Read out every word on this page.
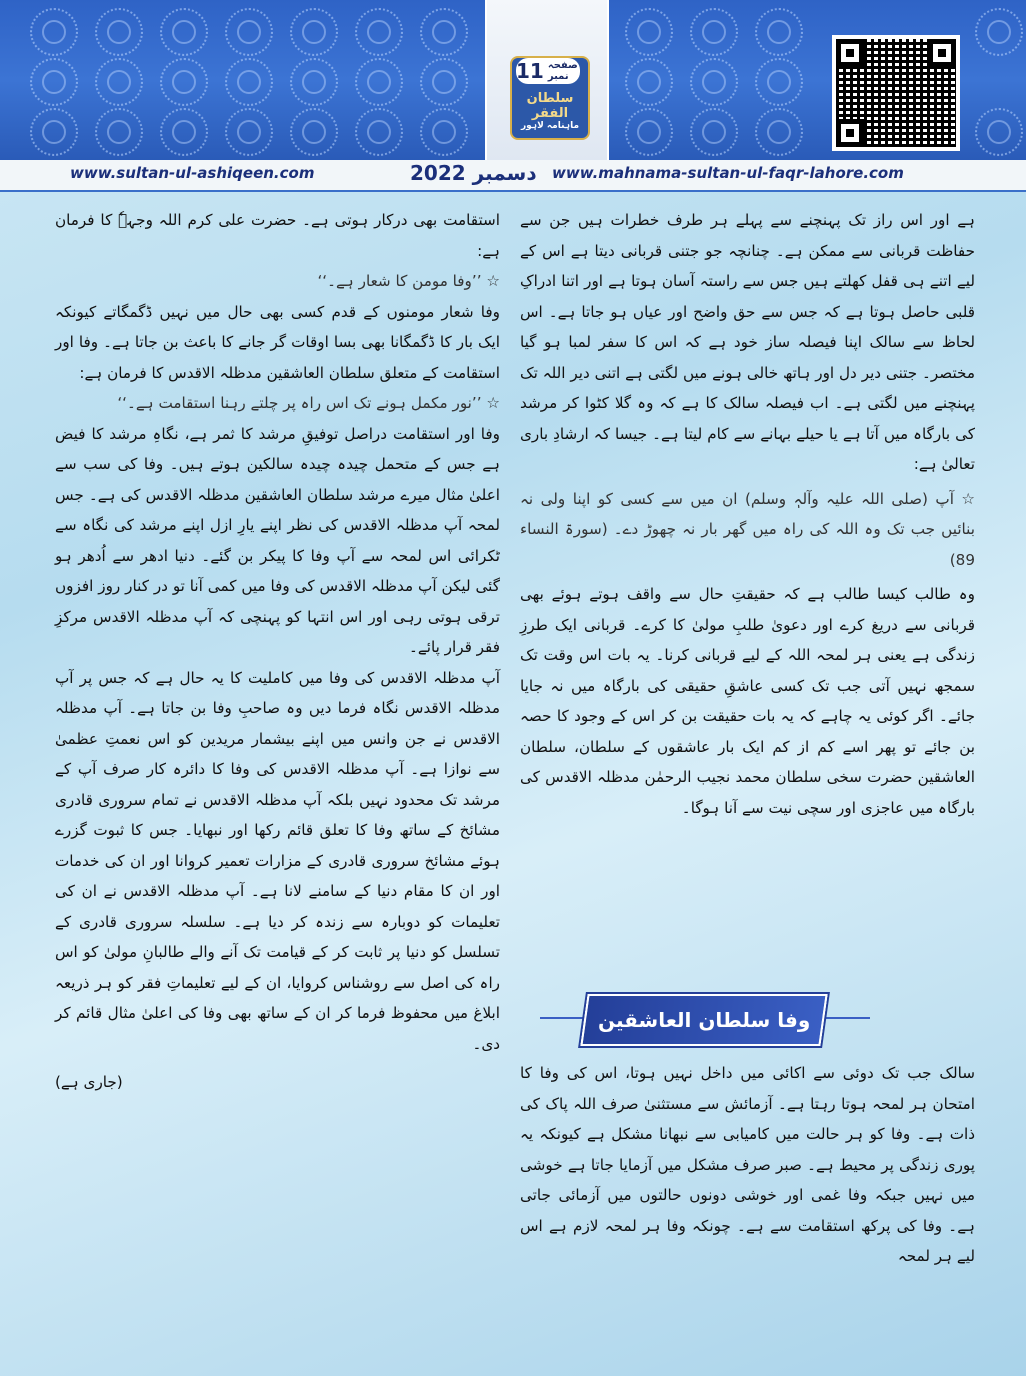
سلطان الفقر
ماہنامہ لاہور
11 صفحہ نمبر
www.sultan-ul-ashiqeen.com	www.mahnama-sultan-ul-faqr-lahore.com
دسمبر 2022

ہے اور اس راز تک پہنچنے سے پہلے ہر طرف خطرات ہیں جن سے حفاظت قربانی سے ممکن ہے۔ چنانچہ جو جتنی قربانی دیتا ہے اس کے لیے اتنے ہی قفل کھلتے ہیں جس سے راستہ آسان ہوتا ہے اور اتنا ادراکِ قلبی حاصل ہوتا ہے کہ جس سے حق واضح اور عیاں ہو جاتا ہے۔ اس لحاظ سے سالک اپنا فیصلہ ساز خود ہے کہ اس کا سفر لمبا ہو گیا مختصر۔ جتنی دیر دل اور ہاتھ خالی ہونے میں لگتی ہے اتنی دیر اللہ تک پہنچنے میں لگتی ہے۔ اب فیصلہ سالک کا ہے کہ وہ گلا کٹوا کر مرشد کی بارگاہ میں آتا ہے یا حیلے بہانے سے کام لیتا ہے۔ جیسا کہ ارشادِ باری تعالیٰ ہے:

☆ آپ (صلی اللہ علیہ وآلہٖ وسلم) ان میں سے کسی کو اپنا ولی نہ بنائیں جب تک وہ اللہ کی راہ میں گھر بار نہ چھوڑ دے۔ (سورۃ النساء 89)

وہ طالب کیسا طالب ہے کہ حقیقتِ حال سے واقف ہوتے ہوئے بھی قربانی سے دریغ کرے اور دعویٰ طلبِ مولیٰ کا کرے۔ قربانی ایک طرزِ زندگی ہے یعنی ہر لمحہ اللہ کے لیے قربانی کرنا۔ یہ بات اس وقت تک سمجھ نہیں آتی جب تک کسی عاشقِ حقیقی کی بارگاہ میں نہ جایا جائے۔ اگر کوئی یہ چاہے کہ یہ بات حقیقت بن کر اس کے وجود کا حصہ بن جائے تو پھر اسے کم از کم ایک بار عاشقوں کے سلطان، سلطان العاشقین حضرت سخی سلطان محمد نجیب الرحمٰن مدظلہ الاقدس کی بارگاہ میں عاجزی اور سچی نیت سے آنا ہوگا۔

وفا سلطان العاشقین

سالک جب تک دوئی سے اکائی میں داخل نہیں ہوتا، اس کی وفا کا امتحان ہر لمحہ ہوتا رہتا ہے۔ آزمائش سے مستثنیٰ صرف اللہ پاک کی ذات ہے۔ وفا کو ہر حالت میں کامیابی سے نبھانا مشکل ہے کیونکہ یہ پوری زندگی پر محیط ہے۔ صبر صرف مشکل میں آزمایا جاتا ہے خوشی میں نہیں جبکہ وفا غمی اور خوشی دونوں حالتوں میں آزمائی جاتی ہے۔ وفا کی پرکھ استقامت سے ہے۔ چونکہ وفا ہر لمحہ لازم ہے اس لیے ہر لمحہ

استقامت بھی درکار ہوتی ہے۔ حضرت علی کرم اللہ وجہہٗ کا فرمان ہے:

☆ ’’وفا مومن کا شعار ہے۔‘‘

وفا شعار مومنوں کے قدم کسی بھی حال میں نہیں ڈگمگاتے کیونکہ ایک بار کا ڈگمگانا بھی بسا اوقات گر جانے کا باعث بن جاتا ہے۔ وفا اور استقامت کے متعلق سلطان العاشقین مدظلہ الاقدس کا فرمان ہے:

☆ ’’نور مکمل ہونے تک اس راہ پر چلتے رہنا استقامت ہے۔‘‘

وفا اور استقامت دراصل توفیقِ مرشد کا ثمر ہے، نگاہِ مرشد کا فیض ہے جس کے متحمل چیدہ چیدہ سالکین ہوتے ہیں۔ وفا کی سب سے اعلیٰ مثال میرے مرشد سلطان العاشقین مدظلہ الاقدس کی ہے۔ جس لمحہ آپ مدظلہ الاقدس کی نظر اپنے یارِ ازل اپنے مرشد کی نگاہ سے ٹکرائی اس لمحہ سے آپ وفا کا پیکر بن گئے۔ دنیا ادھر سے اُدھر ہو گئی لیکن آپ مدظلہ الاقدس کی وفا میں کمی آنا تو در کنار روز افزوں ترقی ہوتی رہی اور اس انتہا کو پہنچی کہ آپ مدظلہ الاقدس مرکزِ فقر قرار پائے۔

آپ مدظلہ الاقدس کی وفا میں کاملیت کا یہ حال ہے کہ جس پر آپ مدظلہ الاقدس نگاہ فرما دیں وہ صاحبِ وفا بن جاتا ہے۔ آپ مدظلہ الاقدس نے جن وانس میں اپنے بیشمار مریدین کو اس نعمتِ عظمیٰ سے نوازا ہے۔ آپ مدظلہ الاقدس کی وفا کا دائرہ کار صرف آپ کے مرشد تک محدود نہیں بلکہ آپ مدظلہ الاقدس نے تمام سروری قادری مشائخ کے ساتھ وفا کا تعلق قائم رکھا اور نبھایا۔ جس کا ثبوت گزرے ہوئے مشائخ سروری قادری کے مزارات تعمیر کروانا اور ان کی خدمات اور ان کا مقام دنیا کے سامنے لانا ہے۔ آپ مدظلہ الاقدس نے ان کی تعلیمات کو دوبارہ سے زندہ کر دیا ہے۔ سلسلہ سروری قادری کے تسلسل کو دنیا پر ثابت کر کے قیامت تک آنے والے طالبانِ مولیٰ کو اس راہ کی اصل سے روشناس کروایا، ان کے لیے تعلیماتِ فقر کو ہر ذریعہ ابلاغ میں محفوظ فرما کر ان کے ساتھ بھی وفا کی اعلیٰ مثال قائم کر دی۔

(جاری ہے)
